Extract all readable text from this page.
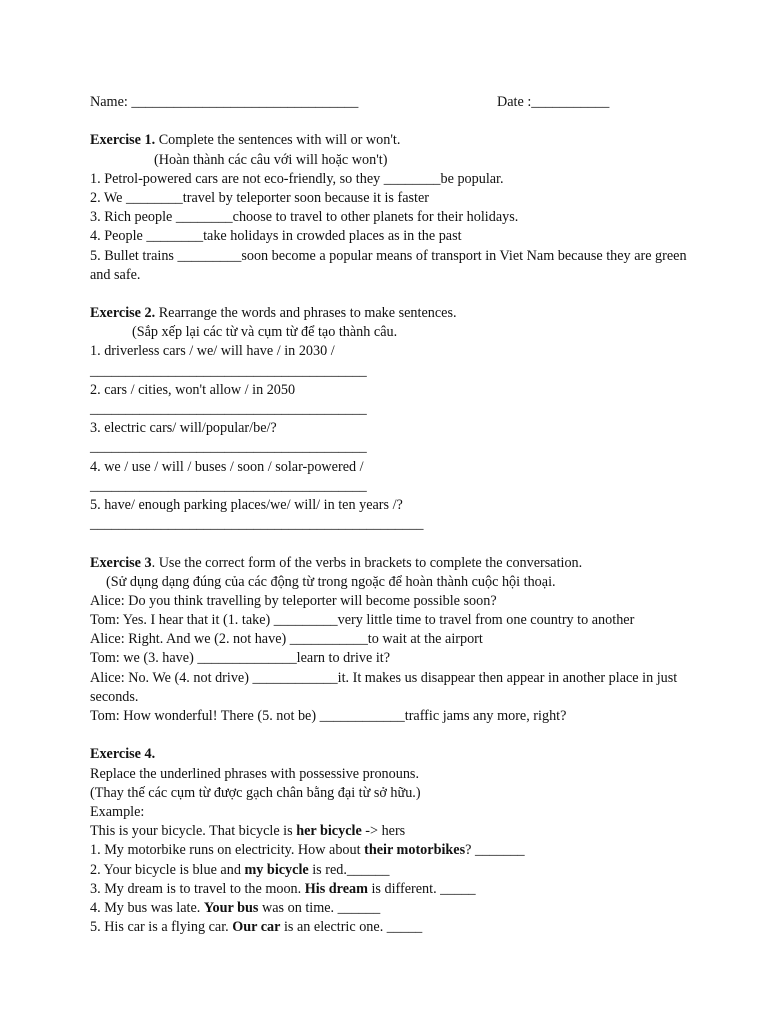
Name: ________________________________	Date :___________
Exercise 1. Complete the sentences with will or won't.
(Hoàn thành các câu với will hoặc won't)
1. Petrol-powered cars are not eco-friendly, so they ________be popular.
2. We ________travel by teleporter soon because it is faster
3. Rich people ________choose to travel to other planets for their holidays.
4. People ________take holidays in crowded places as in the past
5. Bullet trains _________soon become a popular means of transport in Viet Nam because they are green and safe.
Exercise 2. Rearrange the words and phrases to make sentences.
(Sắp xếp lại các từ và cụm từ để tạo thành câu.
1. driverless cars / we/ will have / in 2030 /
_______________________________________
2. cars / cities, won't allow / in 2050
_______________________________________
3. electric cars/ will/popular/be/?
_______________________________________
4. we / use / will / buses / soon / solar-powered /
_______________________________________
5. have/ enough parking places/we/ will/ in ten years /?
_______________________________________________
Exercise 3. Use the correct form of the verbs in brackets to complete the conversation.
(Sử dụng dạng đúng của các động từ trong ngoặc để hoàn thành cuộc hội thoại.
Alice: Do you think travelling by teleporter will become possible soon?
Tom: Yes. I hear that it (1. take) _________very little time to travel from one country to another
Alice: Right. And we (2. not have) ___________to wait at the airport
Tom: we (3. have) ______________learn to drive it?
Alice: No. We (4. not drive) ____________it. It makes us disappear then appear in another place in just seconds.
Tom: How wonderful! There (5. not be) ____________traffic jams any more, right?
Exercise 4.
Replace the underlined phrases with possessive pronouns.
(Thay thế các cụm từ được gạch chân bằng đại từ sở hữu.)
Example:
This is your bicycle. That bicycle is her bicycle -> hers
1. My motorbike runs on electricity. How about their motorbikes? _______
2. Your bicycle is blue and my bicycle is red.______
3. My dream is to travel to the moon. His dream is different. _____
4. My bus was late. Your bus was on time. ______
5. His car is a flying car. Our car is an electric one. _____
